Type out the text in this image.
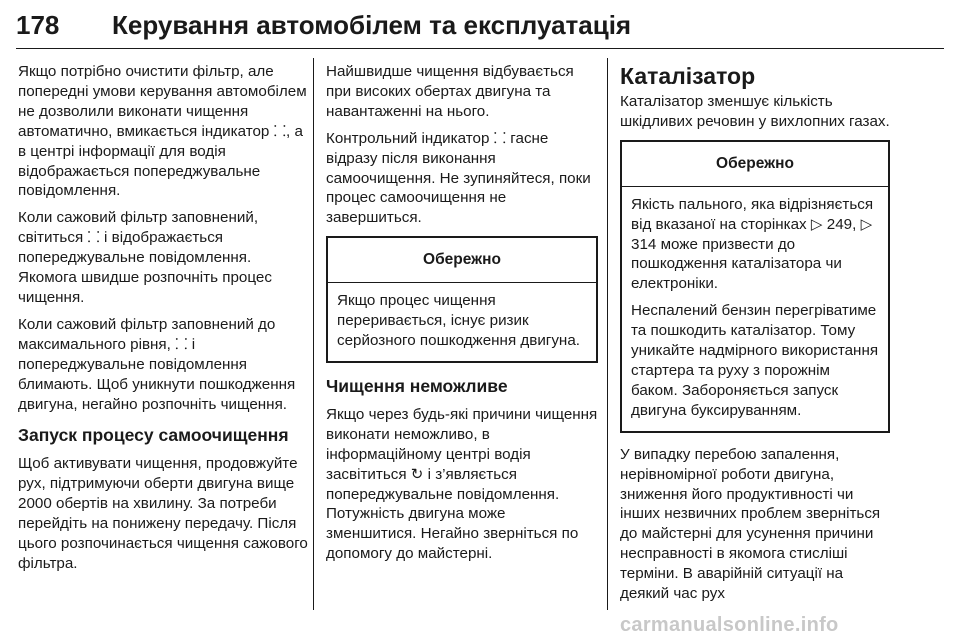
178 Керування автомобілем та експлуатація

Якщо потрібно очистити фільтр, але попередні умови керування автомобілем не дозволили виконати чищення автоматично, вмикається індикатор ⸬, а в центрі інформації для водія відображається попереджувальне повідомлення.

Коли сажовий фільтр заповнений, світиться ⸬ і відображається попереджувальне повідомлення. Якомога швидше розпочніть процес чищення.

Коли сажовий фільтр заповнений до максимального рівня, ⸬ і попереджувальне повідомлення блимають. Щоб уникнути пошкодження двигуна, негайно розпочніть чищення.

Запуск процесу самоочищення

Щоб активувати чищення, продовжуйте рух, підтримуючи оберти двигуна вище 2000 обертів на хвилину. За потреби перейдіть на понижену передачу. Після цього розпочинається чищення сажового фільтра.

Найшвидше чищення відбувається при високих обертах двигуна та навантаженні на нього.

Контрольний індикатор ⸬ гасне відразу після виконання самоочищення. Не зупиняйтеся, поки процес самоочищення не завершиться.

Обережно

Якщо процес чищення переривається, існує ризик серйозного пошкодження двигуна.

Чищення неможливе

Якщо через будь-які причини чищення виконати неможливо, в інформаційному центрі водія засвітиться ↻ і з’являється попереджувальне повідомлення. Потужність двигуна може зменшитися. Негайно зверніться по допомогу до майстерні.

Каталізатор

Каталізатор зменшує кількість шкідливих речовин у вихлопних газах.

Обережно

Якість пального, яка відрізняється від вказаної на сторінках ▷ 249, ▷ 314 може призвести до пошкодження каталізатора чи електроніки.

Неспалений бензин перегріватиме та пошкодить каталізатор. Тому уникайте надмірного використання стартера та руху з порожнім баком. Забороняється запуск двигуна буксируванням.

У випадку перебою запалення, нерівномірної роботи двигуна, зниження його продуктивності чи інших незвичних проблем зверніться до майстерні для усунення причини несправності в якомога стисліші терміни. В аварійній ситуації на деякий час рух

carmanualsonline.info
